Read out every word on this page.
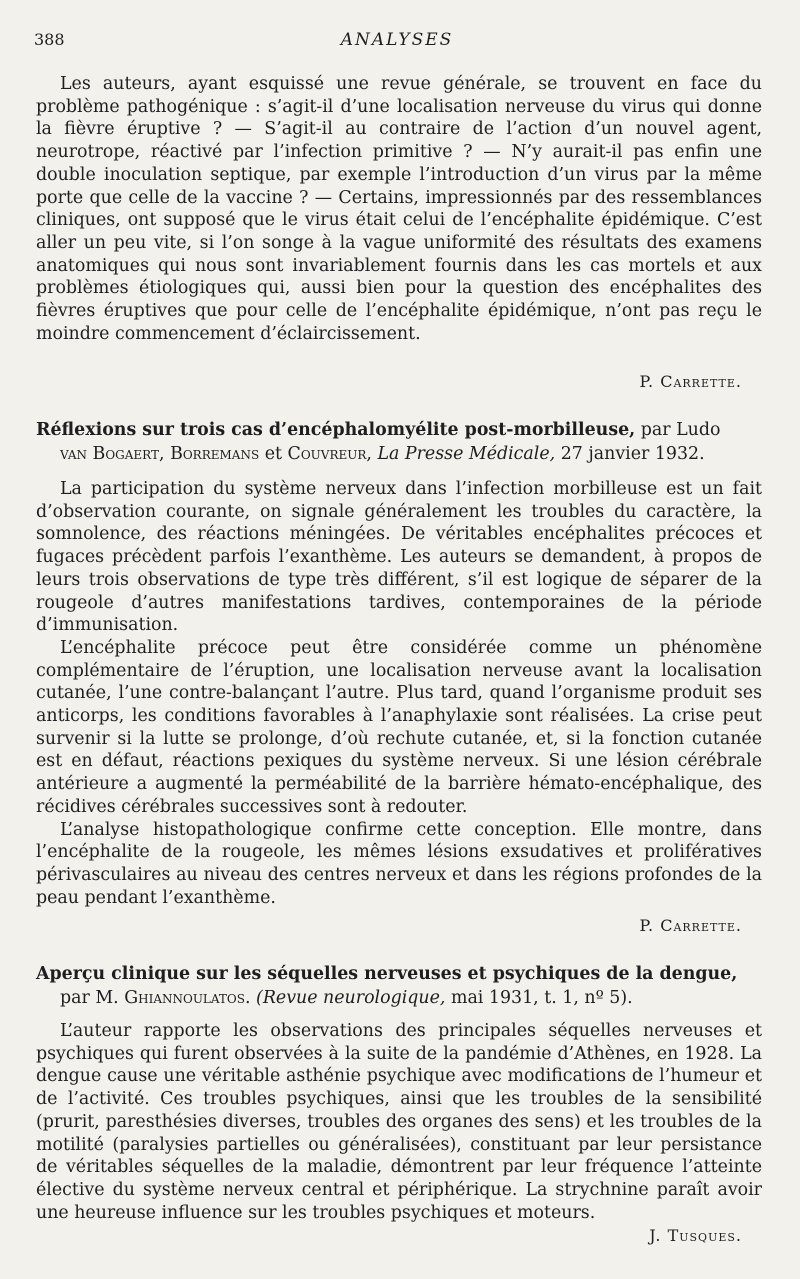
388	ANALYSES

Les auteurs, ayant esquissé une revue générale, se trouvent en face du problème pathogénique : s’agit-il d’une localisation nerveuse du virus qui donne la fièvre éruptive ? — S’agit-il au contraire de l’action d’un nouvel agent, neurotrope, réactivé par l’infection primitive ? — N’y aurait-il pas enfin une double inoculation septique, par exemple l’introduction d’un virus par la même porte que celle de la vaccine ? — Certains, impressionnés par des ressemblances cliniques, ont supposé que le virus était celui de l’encéphalite épidémique. C’est aller un peu vite, si l’on songe à la vague uniformité des résultats des examens anatomiques qui nous sont invariablement fournis dans les cas mortels et aux problèmes étiologiques qui, aussi bien pour la question des encéphalites des fièvres éruptives que pour celle de l’encéphalite épidémique, n’ont pas reçu le moindre commencement d’éclaircissement.

P. Carrette.
Réflexions sur trois cas d’encéphalomyélite post-morbilleuse, par Ludo
van Bogaert, Borremans et Couvreur, La Presse Médicale, 27 janvier 1932.

La participation du système nerveux dans l’infection morbilleuse est un fait d’observation courante, on signale généralement les troubles du caractère, la somnolence, des réactions méningées. De véritables encéphalites précoces et fugaces précèdent parfois l’exanthème. Les auteurs se demandent, à propos de leurs trois observations de type très différent, s’il est logique de séparer de la rougeole d’autres manifestations tardives, contemporaines de la période d’immunisation.

L’encéphalite précoce peut être considérée comme un phénomène complémentaire de l’éruption, une localisation nerveuse avant la localisation cutanée, l’une contre-balançant l’autre. Plus tard, quand l’organisme produit ses anticorps, les conditions favorables à l’anaphylaxie sont réalisées. La crise peut survenir si la lutte se prolonge, d’où rechute cutanée, et, si la fonction cutanée est en défaut, réactions pexiques du système nerveux. Si une lésion cérébrale antérieure a augmenté la perméabilité de la barrière hémato-encéphalique, des récidives cérébrales successives sont à redouter.

L’analyse histopathologique confirme cette conception. Elle montre, dans l’encéphalite de la rougeole, les mêmes lésions exsudatives et prolifératives périvasculaires au niveau des centres nerveux et dans les régions profondes de la peau pendant l’exanthème.

P. Carrette.
Aperçu clinique sur les séquelles nerveuses et psychiques de la dengue,
par M. Ghiannoulatos. (Revue neurologique, mai 1931, t. 1, nº 5).

L’auteur rapporte les observations des principales séquelles nerveuses et psychiques qui furent observées à la suite de la pandémie d’Athènes, en 1928. La dengue cause une véritable asthénie psychique avec modifications de l’humeur et de l’activité. Ces troubles psychiques, ainsi que les troubles de la sensibilité (prurit, paresthésies diverses, troubles des organes des sens) et les troubles de la motilité (paralysies partielles ou généralisées), constituant par leur persistance de véritables séquelles de la maladie, démontrent par leur fréquence l’atteinte élective du système nerveux central et périphérique. La strychnine paraît avoir une heureuse influence sur les troubles psychiques et moteurs.

J. Tusques.
